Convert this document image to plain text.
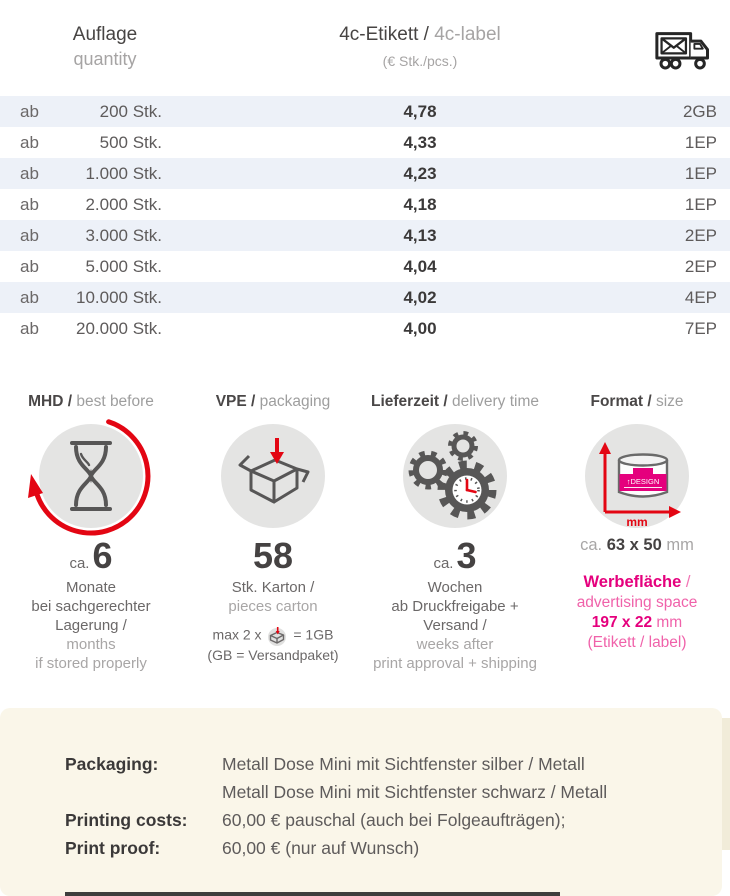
Auflage
quantity
4c-Etikett / 4c-label
(€ Stk./pcs.)
ab	200 Stk.	4,78	2GB
ab	500 Stk.	4,33	1EP
ab	1.000 Stk.	4,23	1EP
ab	2.000 Stk.	4,18	1EP
ab	3.000 Stk.	4,13	2EP
ab	5.000 Stk.	4,04	2EP
ab	10.000 Stk.	4,02	4EP
ab	20.000 Stk.	4,00	7EP
MHD / best before
ca.6
Monate
bei sachgerechter Lagerung /
months
if stored properly
VPE / packaging
58
Stk. Karton /
pieces carton
max 2 x = 1GB
(GB = Versandpaket)
Lieferzeit / delivery time
ca.3
Wochen
ab Druckfreigabe + Versand /
weeks after
print approval + shipping
Format / size
↑DESIGN
mm
ca. 63 x 50 mm
Werbefläche /
advertising space
197 x 22 mm
(Etikett / label)
Packaging:	Metall Dose Mini mit Sichtfenster silber / Metall
Metall Dose Mini mit Sichtfenster schwarz / Metall
Printing costs:	60,00 € pauschal (auch bei Folgeaufträgen);
Print proof:	60,00 € (nur auf Wunsch)
